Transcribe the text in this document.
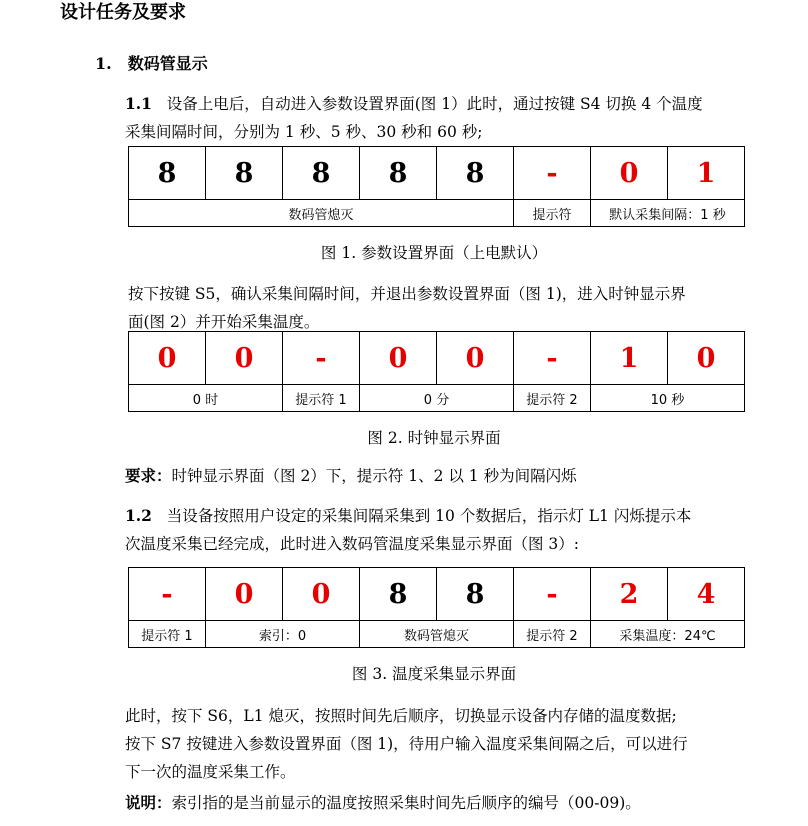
设计任务及要求
1.　数码管显示
1.1 设备上电后，自动进入参数设置界面(图 1）此时，通过按键 S4 切换 4 个温度
采集间隔时间，分别为 1 秒、5 秒、30 秒和 60 秒;
8	8	8	8	8	-	0	1
数码管熄灭					提示符	默认采集间隔：1 秒	
图 1. 参数设置界面（上电默认）
按下按键 S5，确认采集间隔时间，并退出参数设置界面（图 1)，进入时钟显示界
面(图 2）并开始采集温度。
0	0	-	0	0	-	1	0
0 时		提示符 1	0 分		提示符 2	10 秒	
图 2. 时钟显示界面
要求：时钟显示界面（图 2）下，提示符 1、2 以 1 秒为间隔闪烁
1.2 当设备按照用户设定的采集间隔采集到 10 个数据后，指示灯 L1 闪烁提示本
次温度采集已经完成，此时进入数码管温度采集显示界面（图 3）:
-	0	0	8	8	-	2	4
提示符 1	索引：0		数码管熄灭		提示符 2	采集温度：24℃	
图 3. 温度采集显示界面
此时，按下 S6，L1 熄灭，按照时间先后顺序，切换显示设备内存储的温度数据;
按下 S7 按键进入参数设置界面（图 1)，待用户输入温度采集间隔之后，可以进行
下一次的温度采集工作。
说明：索引指的是当前显示的温度按照采集时间先后顺序的编号（00-09)。
